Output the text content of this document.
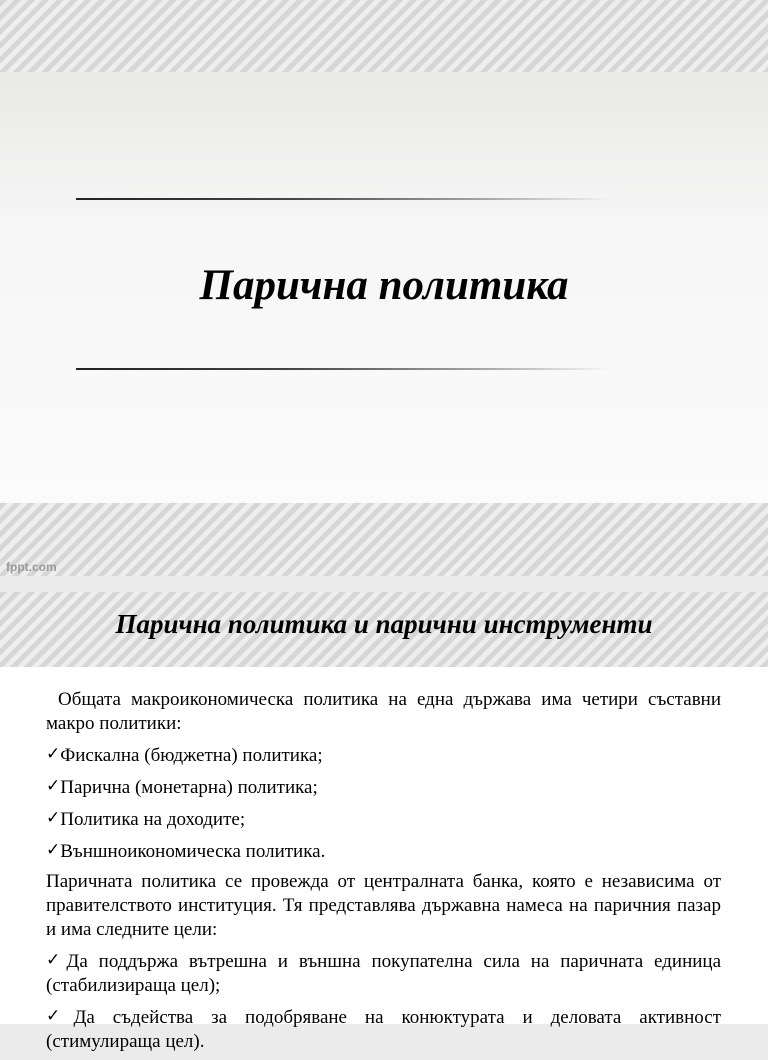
Парична политика
fppt.com
Парична политика и парични инструменти

Общата макроикономическа политика на една държава има четири съставни макро политики:

✓Фискална (бюджетна) политика;

✓Парична (монетарна) политика;

✓Политика на доходите;

✓Външноикономическа политика.

Паричната политика се провежда от централната банка, която е независима от правителството институция. Тя представлява държавна намеса на паричния пазар и има следните цели:

✓Да поддържа вътрешна и външна покупателна сила на паричната единица (стабилизираща цел);

✓Да съдейства за подобряване на конюктурата и деловата активност (стимулираща цел).
